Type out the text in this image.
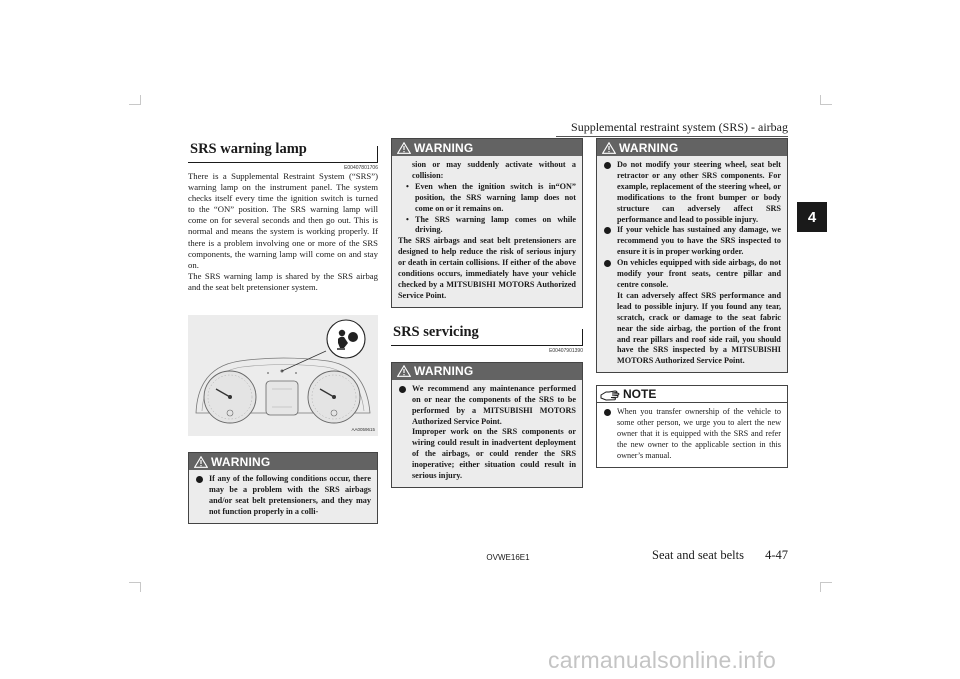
Supplemental restraint system (SRS) - airbag
4
SRS warning lamp
E00407801706
There is a Supplemental Restraint System (“SRS”) warning lamp on the instrument panel. The system checks itself every time the ignition switch is turned to the “ON” position. The SRS warning lamp will come on for several seconds and then go out. This is normal and means the system is working properly. If there is a problem involving one or more of the SRS components, the warning lamp will come on and stay on.
The SRS warning lamp is shared by the SRS airbag and the seat belt pretensioner system.
AA0059615
WARNING
If any of the following conditions occur, there may be a problem with the SRS airbags and/or seat belt pretensioners, and they may not function properly in a colli-
WARNING
sion or may suddenly activate without a collision:
• Even when the ignition switch is in“ON” position, the SRS warning lamp does not come on or it remains on.
• The SRS warning lamp comes on while driving.
The SRS airbags and seat belt pretensioners are designed to help reduce the risk of serious injury or death in certain collisions. If either of the above conditions occurs, immediately have your vehicle checked by a MITSUBISHI MOTORS Authorized Service Point.
SRS servicing
E00407901390
WARNING
We recommend any maintenance performed on or near the components of the SRS to be performed by a MITSUBISHI MOTORS Authorized Service Point.
Improper work on the SRS components or wiring could result in inadvertent deployment of the airbags, or could render the SRS inoperative; either situation could result in serious injury.
WARNING
Do not modify your steering wheel, seat belt retractor or any other SRS components. For example, replacement of the steering wheel, or modifications to the front bumper or body structure can adversely affect SRS performance and lead to possible injury.
If your vehicle has sustained any damage, we recommend you to have the SRS inspected to ensure it is in proper working order.
On vehicles equipped with side airbags, do not modify your front seats, centre pillar and centre console.
It can adversely affect SRS performance and lead to possible injury. If you found any tear, scratch, crack or damage to the seat fabric near the side airbag, the portion of the front and rear pillars and roof side rail, you should have the SRS inspected by a MITSUBISHI MOTORS Authorized Service Point.
NOTE
When you transfer ownership of the vehicle to some other person, we urge you to alert the new owner that it is equipped with the SRS and refer the new owner to the applicable section in this owner’s manual.
OVWE16E1	Seat and seat belts	4-47
carmanualsonline.info
